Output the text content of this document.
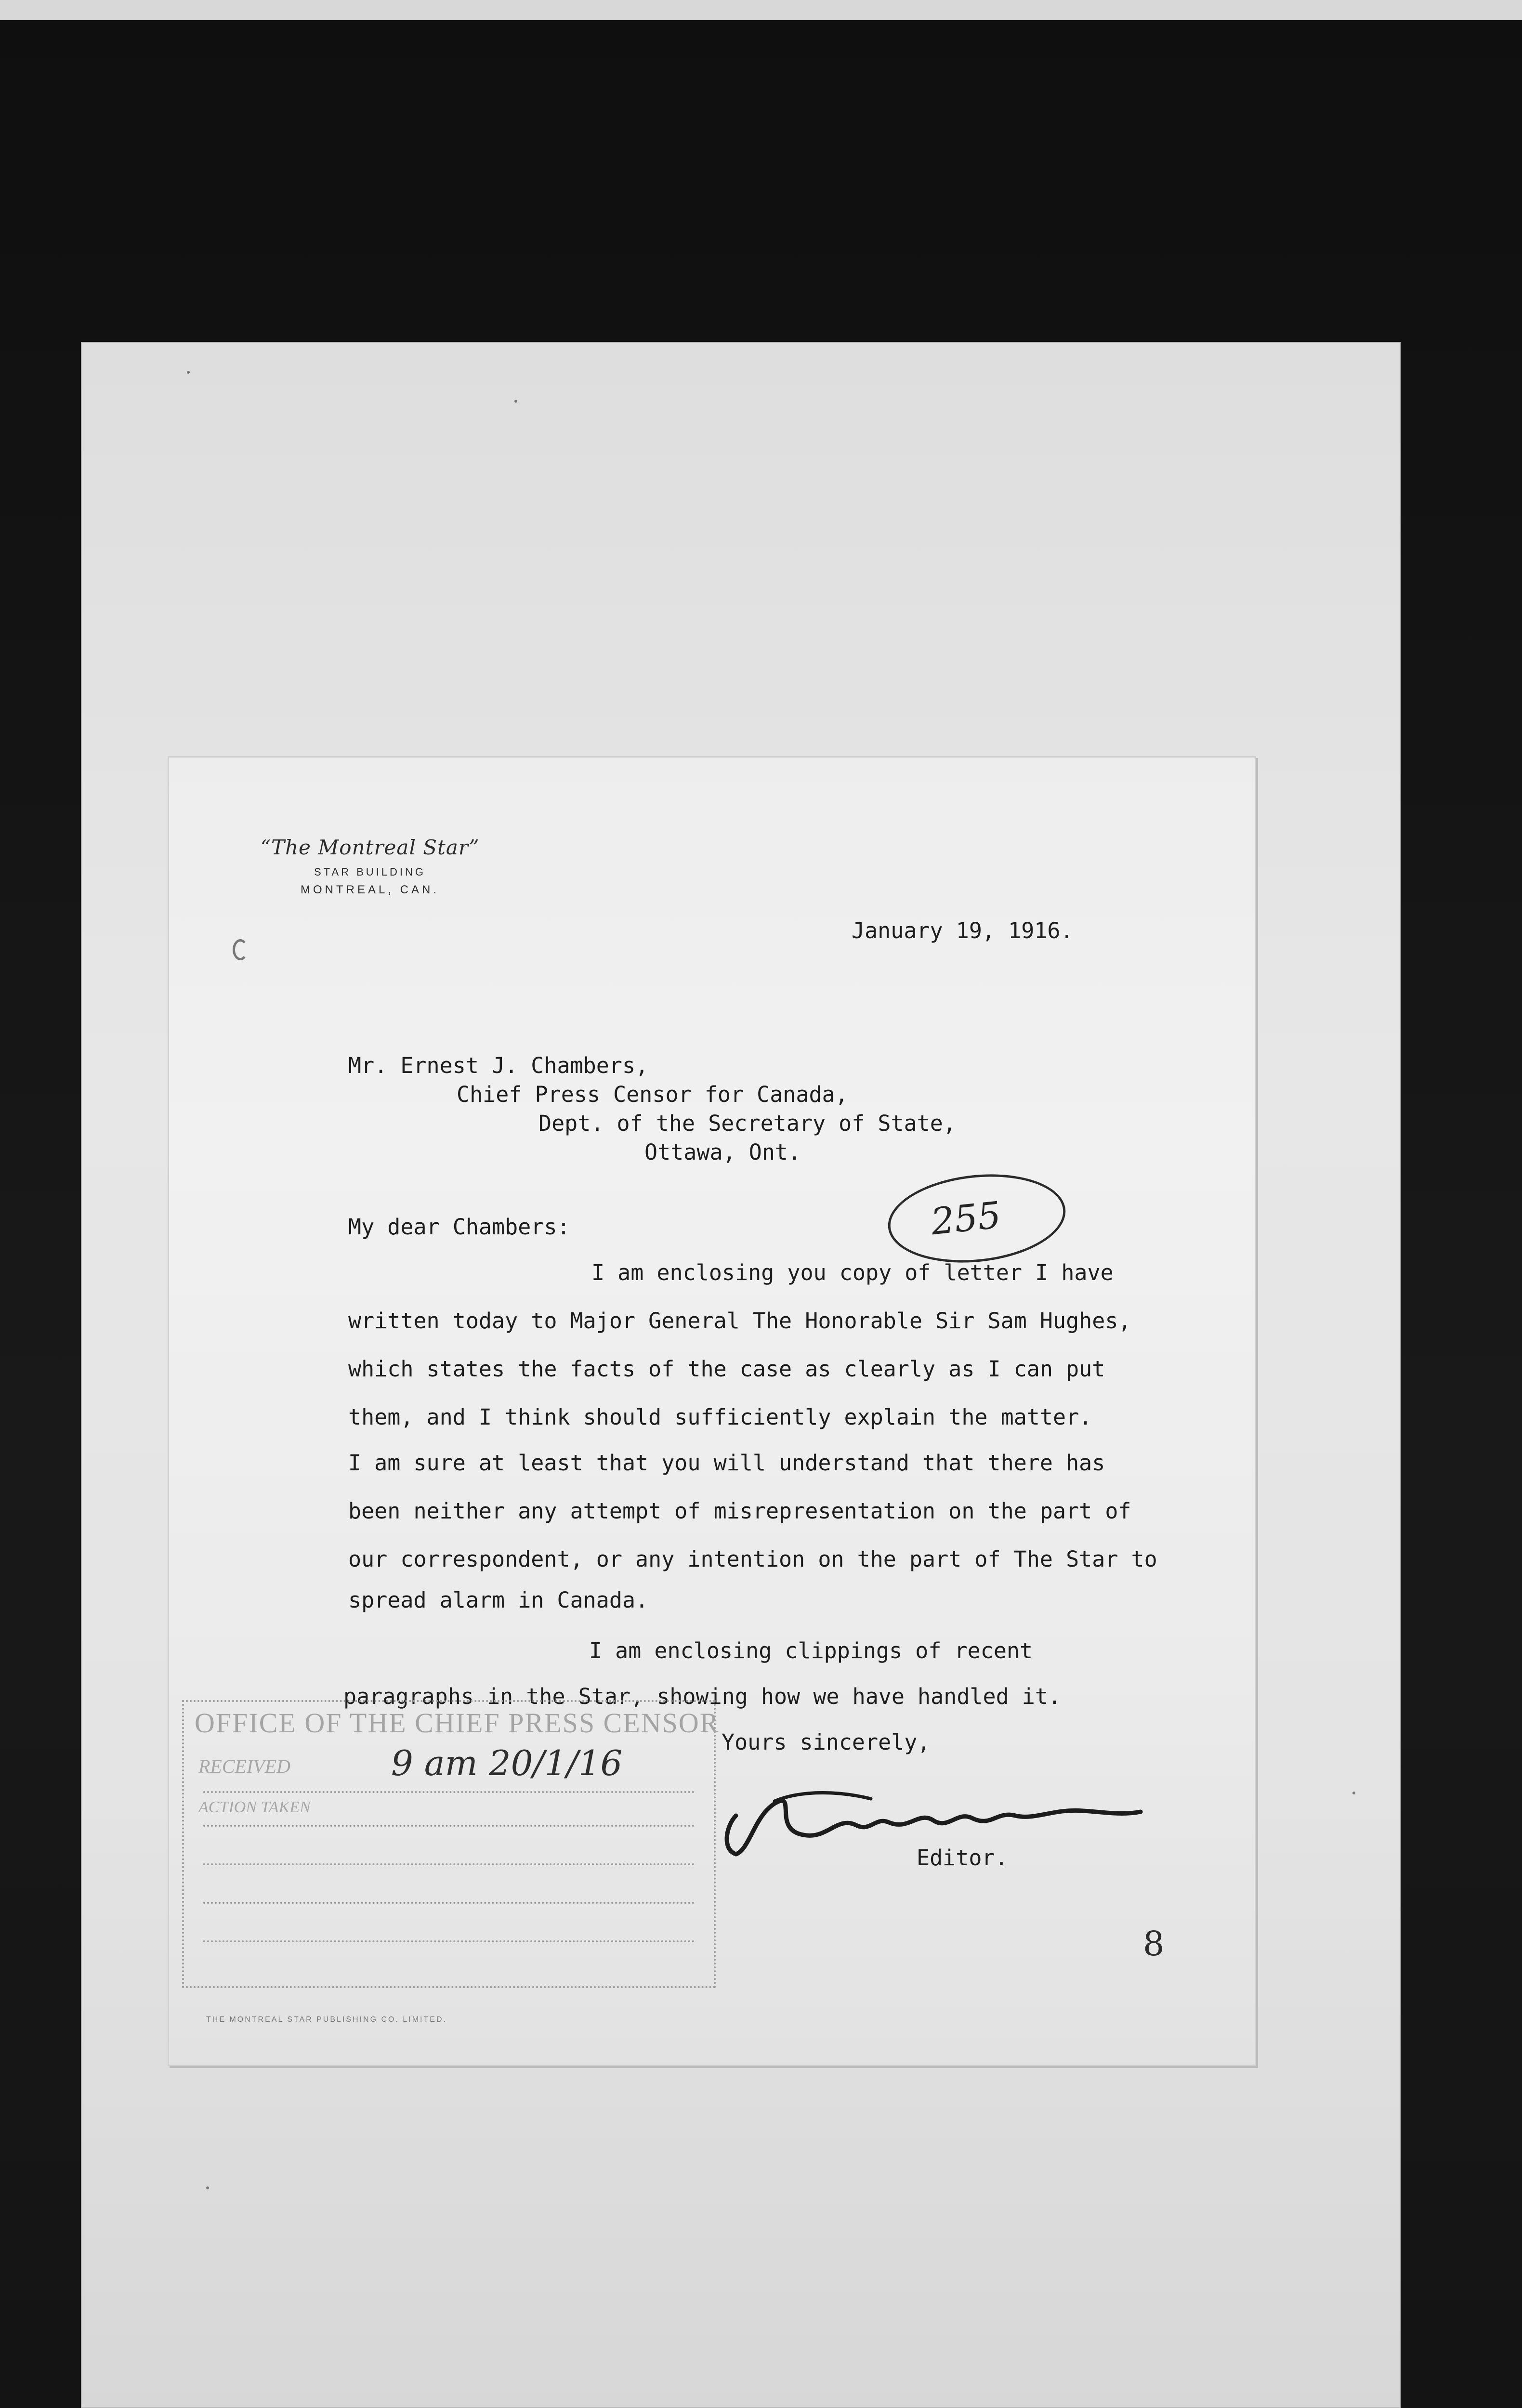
“The Montreal Star”
STAR BUILDING
MONTREAL, CAN.
January 19, 1916.
Mr. Ernest J. Chambers,
Chief Press Censor for Canada,
Dept. of the Secretary of State,
Ottawa, Ont.
255
My dear Chambers:
I am enclosing you copy of letter I have
written today to Major General The Honorable Sir Sam Hughes,
which states the facts of the case as clearly as I can put
them, and I think should sufficiently explain the matter.
I am sure at least that you will understand that there has
been neither any attempt of misrepresentation on the part of
our correspondent, or any intention on the part of The Star to
spread alarm in Canada.
I am enclosing clippings of recent
paragraphs in the Star, showing how we have handled it.
Yours sincerely,
Editor.
8
OFFICE OF THE CHIEF PRESS CENSOR
RECEIVED	9 am 20/1/16
ACTION TAKEN
THE MONTREAL STAR PUBLISHING CO. LIMITED.
